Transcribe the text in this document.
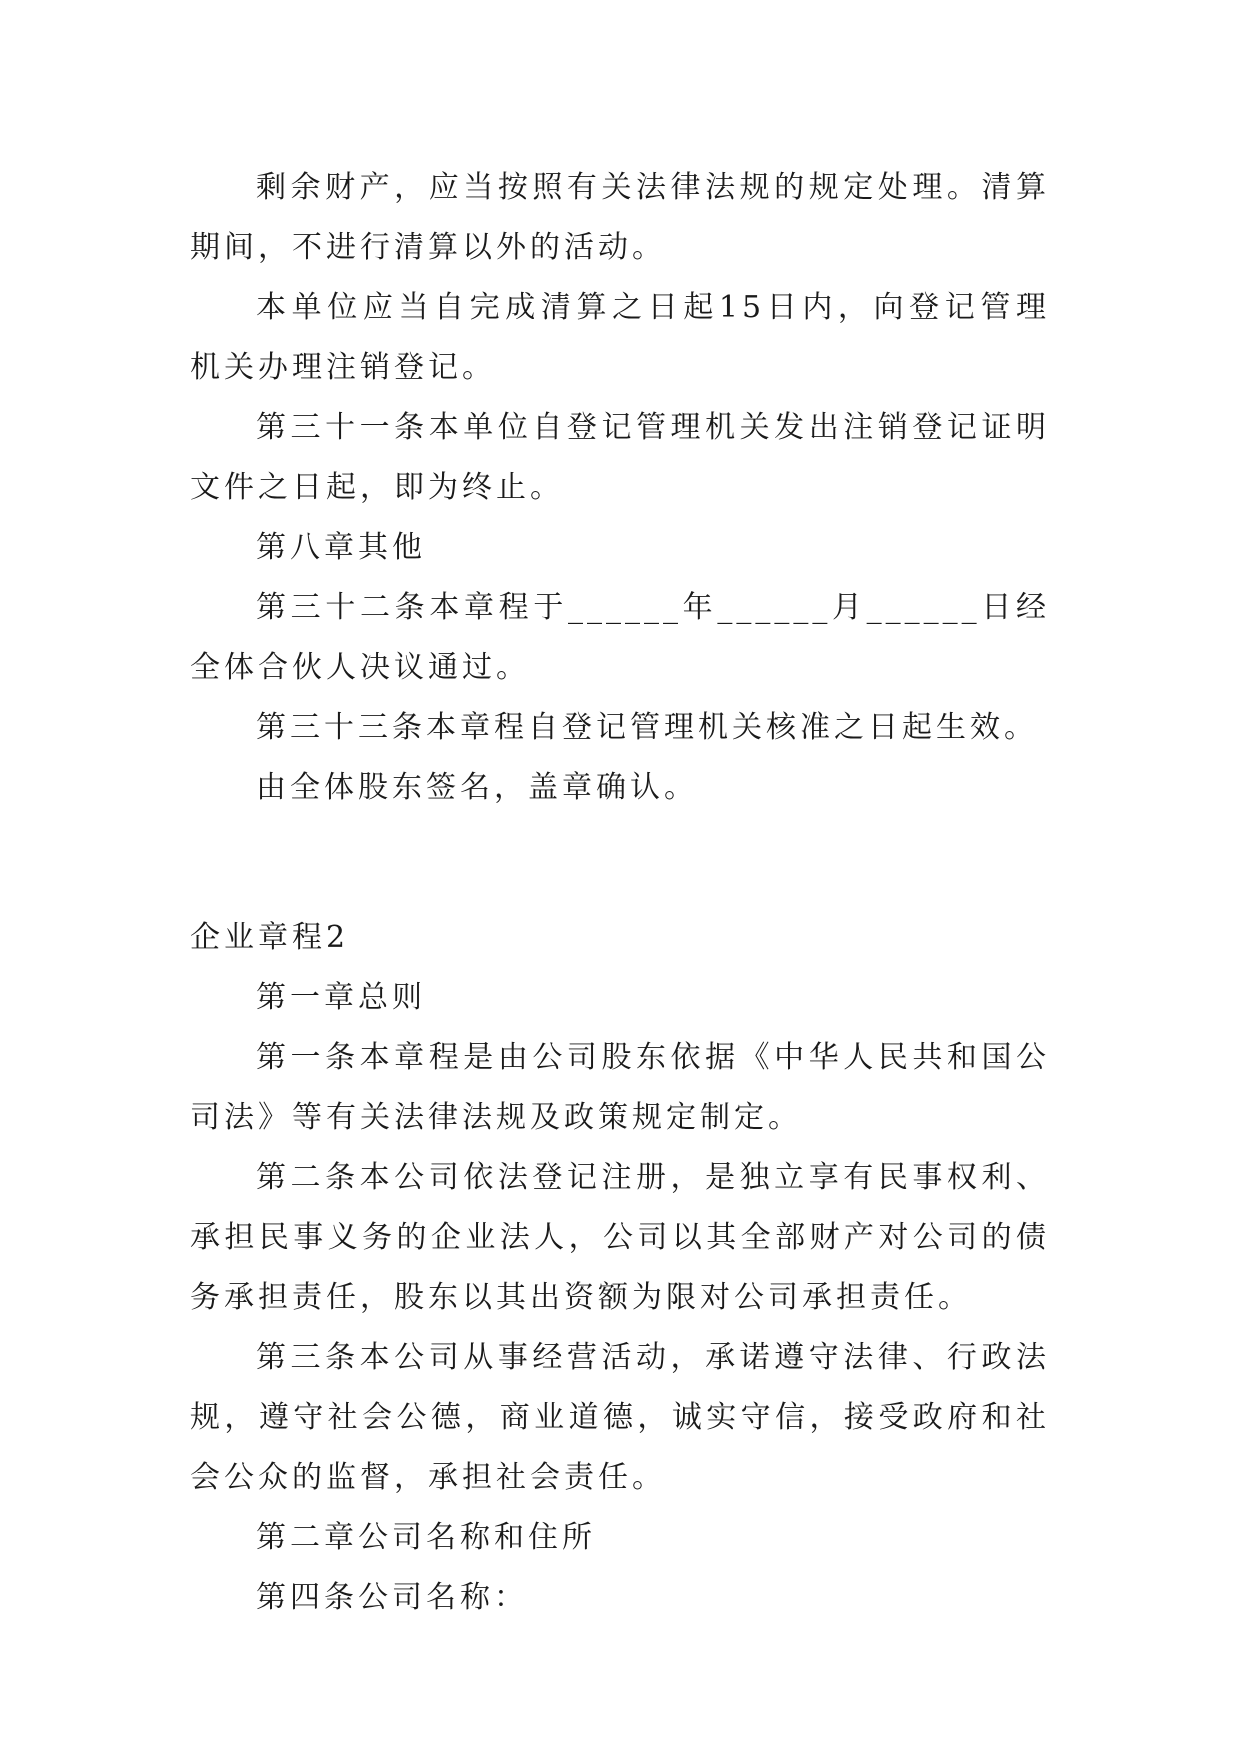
剩余财产，应当按照有关法律法规的规定处理。清算期间，不进行清算以外的活动。

本单位应当自完成清算之日起15日内，向登记管理机关办理注销登记。

第三十一条本单位自登记管理机关发出注销登记证明文件之日起，即为终止。

第八章其他

第三十二条本章程于______年______月______日经全体合伙人决议通过。

第三十三条本章程自登记管理机关核准之日起生效。

由全体股东签名，盖章确认。

企业章程2

第一章总则

第一条本章程是由公司股东依据《中华人民共和国公司法》等有关法律法规及政策规定制定。

第二条本公司依法登记注册，是独立享有民事权利、承担民事义务的企业法人，公司以其全部财产对公司的债务承担责任，股东以其出资额为限对公司承担责任。

第三条本公司从事经营活动，承诺遵守法律、行政法规，遵守社会公德，商业道德，诚实守信，接受政府和社会公众的监督，承担社会责任。

第二章公司名称和住所

第四条公司名称：
